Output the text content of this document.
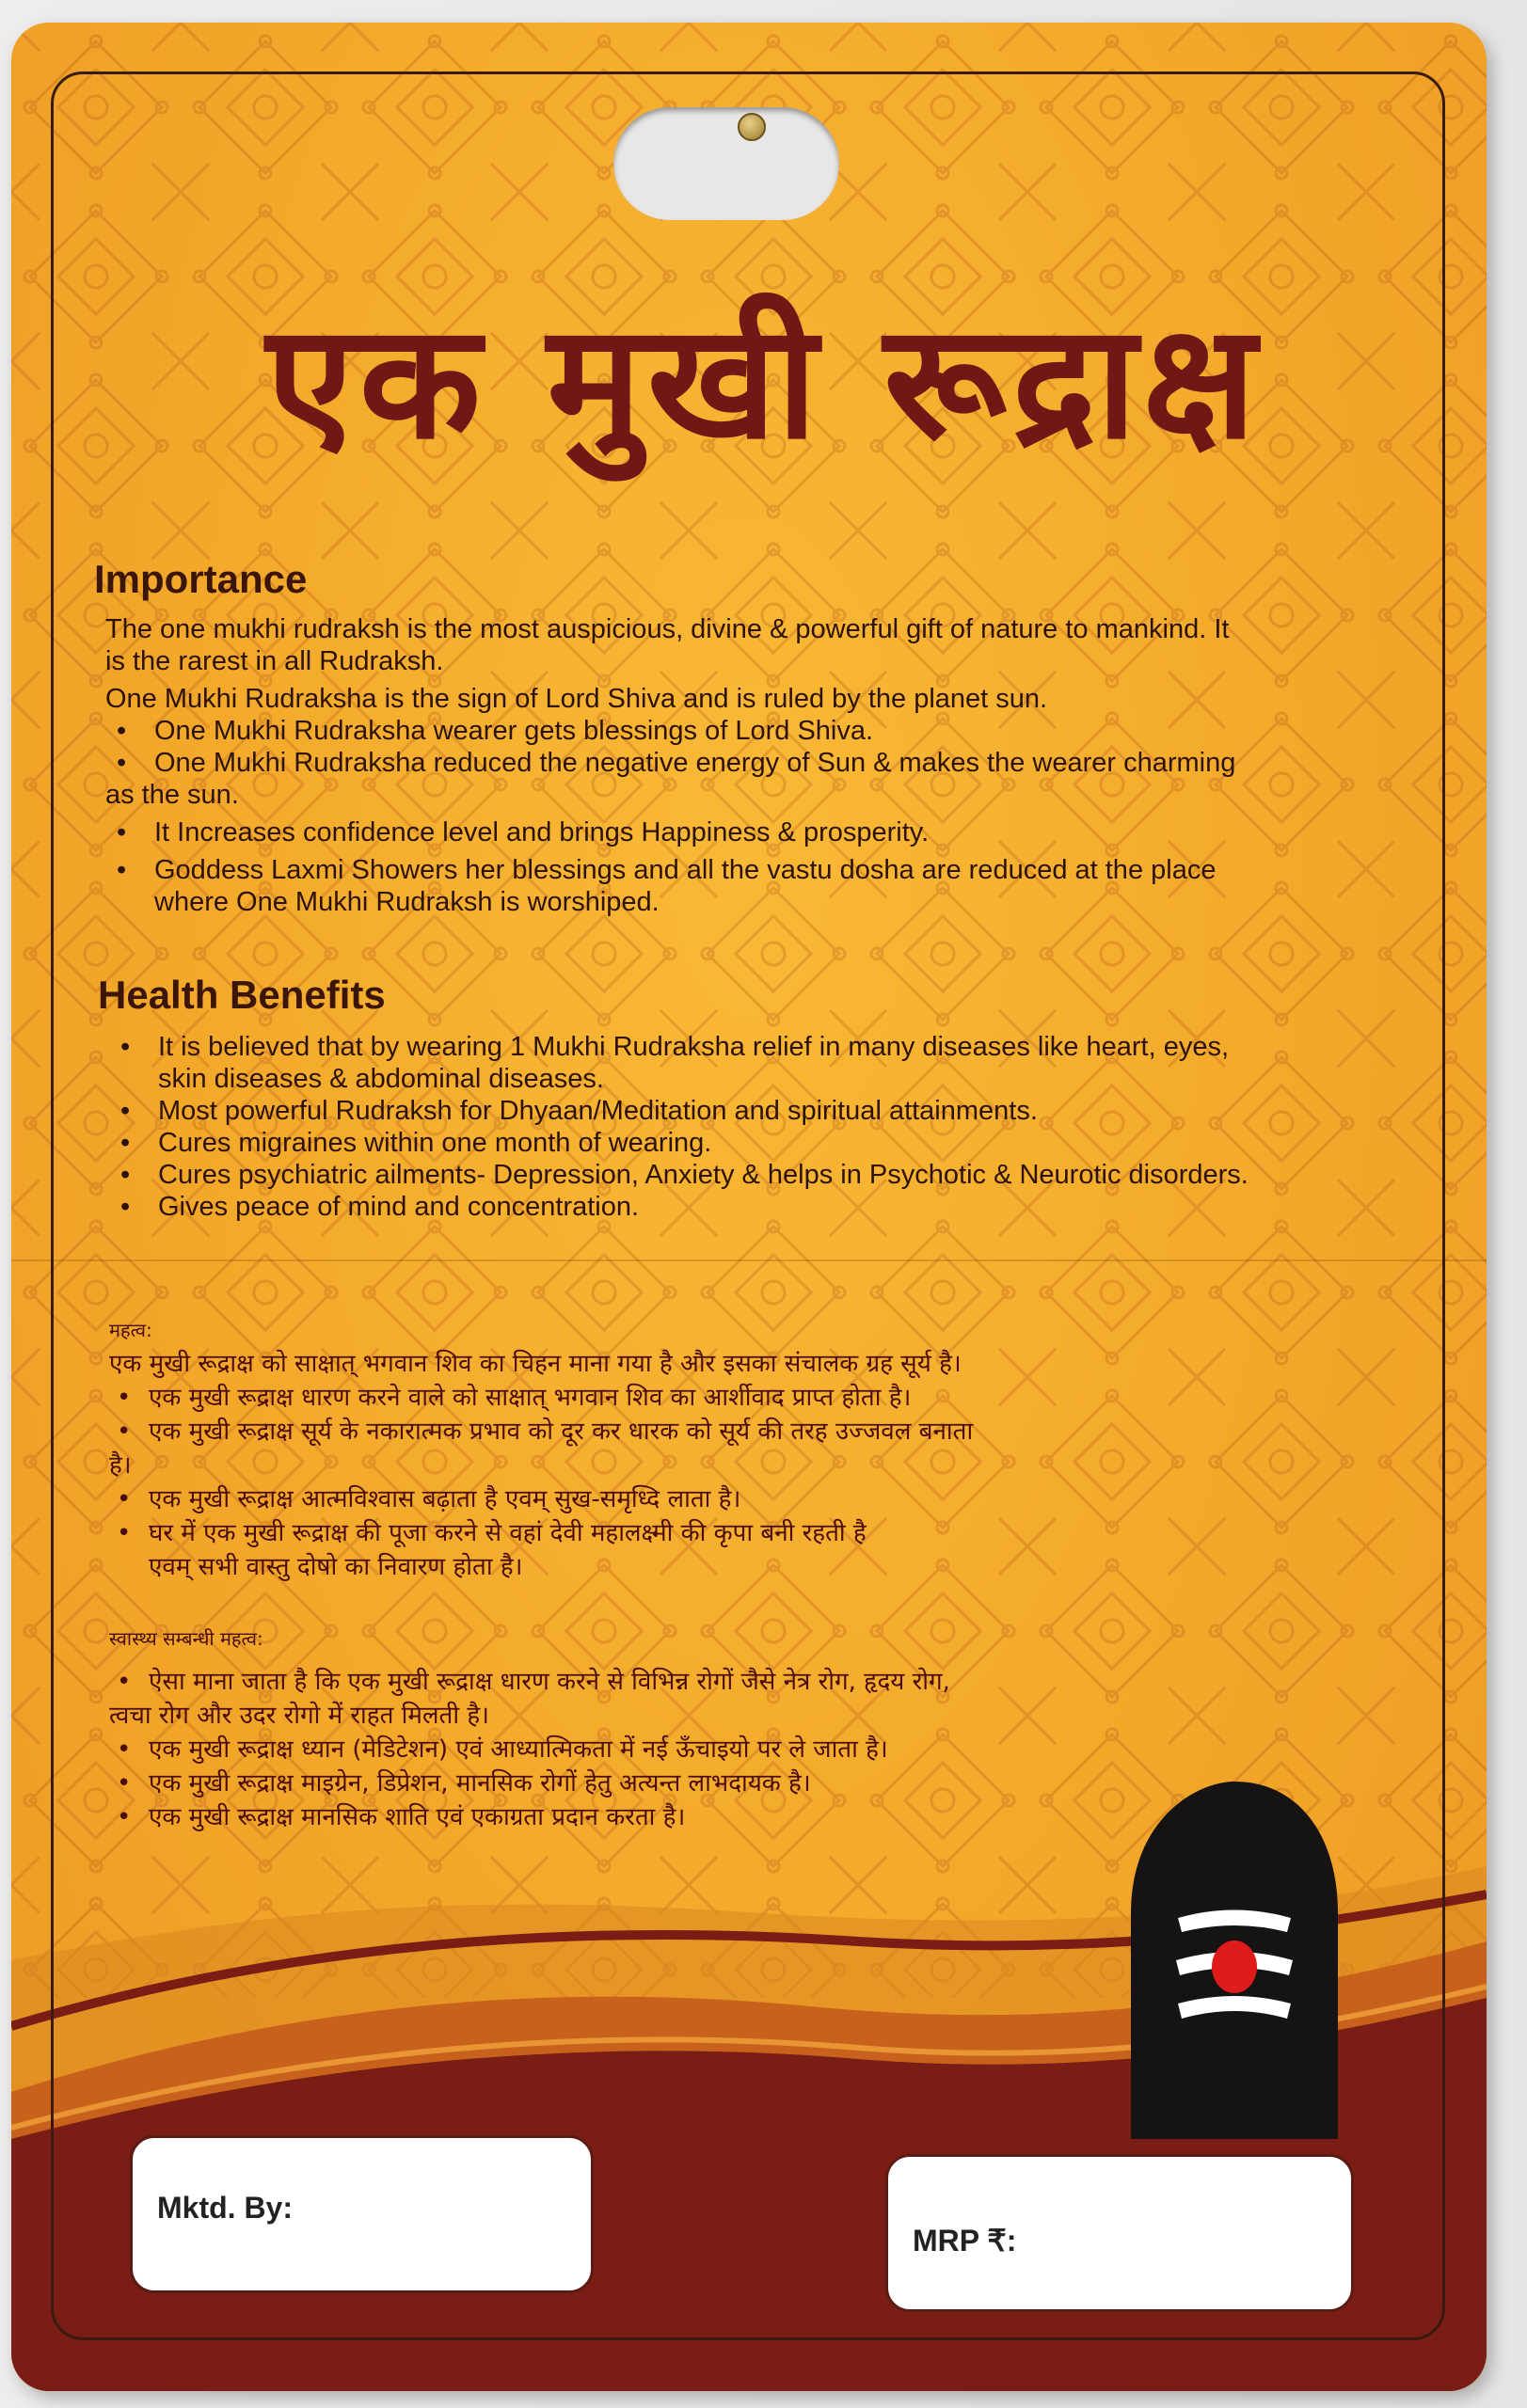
एक मुखी रूद्राक्ष
Importance
The one mukhi rudraksh is the most auspicious, divine & powerful gift of nature to mankind. It
is the rarest in all Rudraksh.
One Mukhi Rudraksha is the sign of Lord Shiva and is ruled by the planet sun.
• One Mukhi Rudraksha wearer gets blessings of Lord Shiva.
• One Mukhi Rudraksha reduced the negative energy of Sun & makes the wearer charming
as the sun.
• It Increases confidence level and brings Happiness & prosperity.
• Goddess Laxmi Showers her blessings and all the vastu dosha are reduced at the place
where One Mukhi Rudraksh is worshiped.
Health Benefits
• It is believed that by wearing 1 Mukhi Rudraksha relief in many diseases like heart, eyes,
skin diseases & abdominal diseases.
• Most powerful Rudraksh for Dhyaan/Meditation and spiritual attainments.
• Cures migraines within one month of wearing.
• Cures psychiatric ailments- Depression, Anxiety & helps in Psychotic & Neurotic disorders.
• Gives peace of mind and concentration.
महत्व:
एक मुखी रूद्राक्ष को साक्षात् भगवान शिव का चिहन माना गया है और इसका संचालक ग्रह सूर्य है।
• एक मुखी रूद्राक्ष धारण करने वाले को साक्षात् भगवान शिव का आर्शीवाद प्राप्त होता है।
• एक मुखी रूद्राक्ष सूर्य के नकारात्मक प्रभाव को दूर कर धारक को सूर्य की तरह उज्जवल बनाता
है।
• एक मुखी रूद्राक्ष आत्मविश्वास बढ़ाता है एवम् सुख-समृध्दि लाता है।
• घर में एक मुखी रूद्राक्ष की पूजा करने से वहां देवी महालक्ष्मी की कृपा बनी रहती है
एवम् सभी वास्तु दोषो का निवारण होता है।
स्वास्थ्य सम्बन्धी महत्व:
• ऐसा माना जाता है कि एक मुखी रूद्राक्ष धारण करने से विभिन्न रोगों जैसे नेत्र रोग, हृदय रोग,
त्वचा रोग और उदर रोगो में राहत मिलती है।
• एक मुखी रूद्राक्ष ध्यान (मेडिटेशन) एवं आध्यात्मिकता में नई ऊँचाइयो पर ले जाता है।
• एक मुखी रूद्राक्ष माइग्रेन, डिप्रेशन, मानसिक रोगों हेतु अत्यन्त लाभदायक है।
• एक मुखी रूद्राक्ष मानसिक शाति एवं एकाग्रता प्रदान करता है।
Mktd. By:
MRP ₹:
